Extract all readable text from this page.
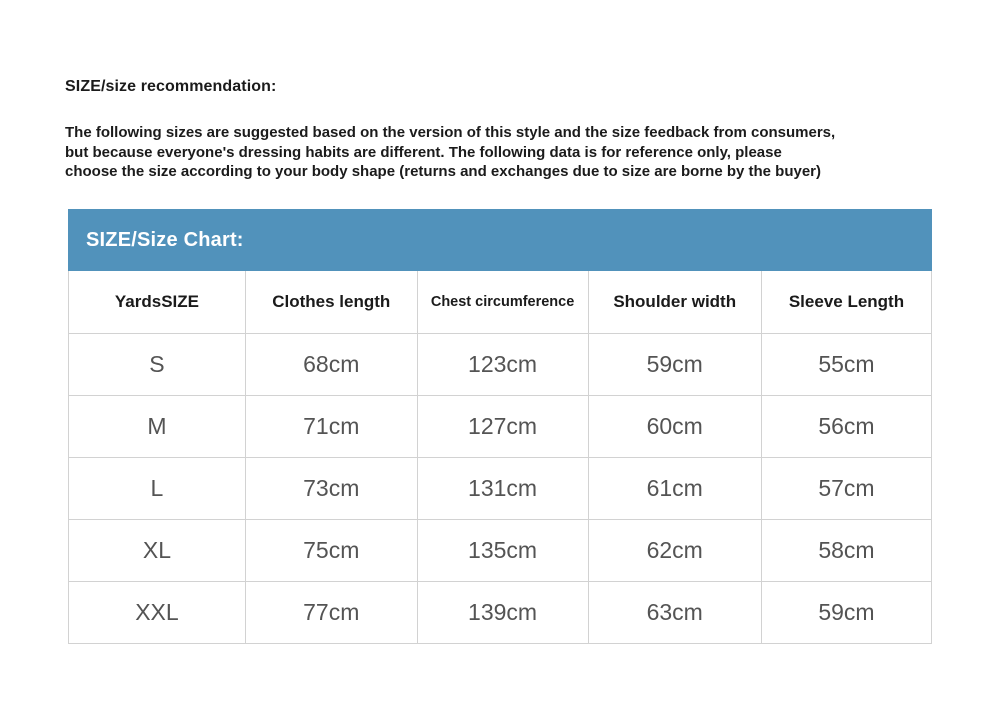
SIZE/size recommendation:
The following sizes are suggested based on the version of this style and the size feedback from consumers,
but because everyone's dressing habits are different. The following data is for reference only, please
choose the size according to your body shape (returns and exchanges due to size are borne by the buyer)
SIZE/Size Chart:
YardsSIZE	Clothes length	Chest circumference	Shoulder width	Sleeve Length
S	68cm	123cm	59cm	55cm
M	71cm	127cm	60cm	56cm
L	73cm	131cm	61cm	57cm
XL	75cm	135cm	62cm	58cm
XXL	77cm	139cm	63cm	59cm
